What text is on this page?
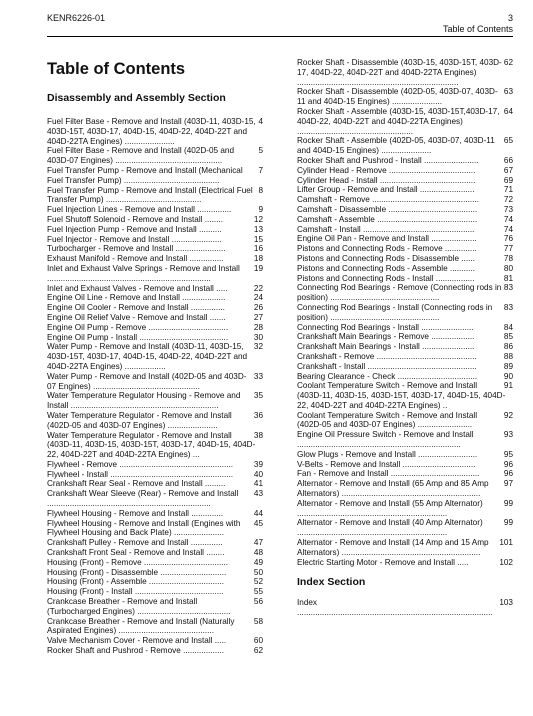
KENR6226-01	3
Table of Contents
Table of Contents
Disassembly and Assembly Section
4
Fuel Filter Base - Remove and Install (403D-11, 403D-15, 403D-15T, 403D-17, 404D-15, 404D-22, 404D-22T and 404D-22TA Engines) ......................
5
Fuel Filter Base - Remove and Install (402D-05 and 403D-07 Engines) ...............................................
7
Fuel Transfer Pump - Remove and Install (Mechanical Fuel Transfer Pump) ..........................................
8
Fuel Transfer Pump - Remove and Install (Electrical Fuel Transfer Pump) ..........................................
9
Fuel Injection Lines - Remove and Install ...............
12
Fuel Shutoff Solenoid - Remove and Install ........
13
Fuel Injection Pump - Remove and Install ..........
15
Fuel Injector - Remove and Install ......................
16
Turbocharger - Remove and Install ......................
18
Exhaust Manifold - Remove and Install ...............
19
Inlet and Exhaust Valve Springs - Remove and Install ........................................................................
22
Inlet and Exhaust Valves - Remove and Install .....
24
Engine Oil Line - Remove and Install ...................
26
Engine Oil Cooler - Remove and Install ...............
27
Engine Oil Relief Valve - Remove and Install .......
28
Engine Oil Pump - Remove ...................................
30
Engine Oil Pump - Install .......................................
32
Water Pump - Remove and Install (403D-11, 403D-15, 403D-15T, 403D-17, 404D-15, 404D-22, 404D-22T and 404D-22TA Engines) ..................
33
Water Pump - Remove and Install (402D-05 and 403D-07 Engines) ...............................................
35
Water Temperature Regulator Housing - Remove and Install .................................................................
36
Water Temperature Regulator - Remove and Install (402D-05 and 403D-07 Engines) ......................
38
Water Temperature Regulator - Remove and Install (403D-11, 403D-15, 403D-15T, 403D-17, 404D-15, 404D-22, 404D-22T and 404D-22TA Engines) ...
39
Flywheel - Remove ..................................................
40
Flywheel - Install ......................................................
41
Crankshaft Rear Seal - Remove and Install .........
43
Crankshaft Wear Sleeve (Rear) - Remove and Install ........................................................................
44
Flywheel Housing - Remove and Install ..............
45
Flywheel Housing - Remove and Install (Engines with Flywheel Housing and Back Plate) ......................
47
Crankshaft Pulley - Remove and Install ..............
48
Crankshaft Front Seal - Remove and Install ........
49
Housing (Front) - Remove .....................................
50
Housing (Front) - Disassemble .............................
52
Housing (Front) - Assemble .................................
55
Housing (Front) - Install .......................................
56
Crankcase Breather - Remove and Install (Turbocharged Engines) .........................................
58
Crankcase Breather - Remove and Install (Naturally Aspirated Engines) ..........................................
60
Valve Mechanism Cover - Remove and Install .....
62
Rocker Shaft and Pushrod - Remove ..................
62
Rocker Shaft - Disassemble (403D-15, 403D-15T, 403D-17, 404D-22, 404D-22T and 404D-22TA Engines) .......................................................................
63
Rocker Shaft - Disassemble (402D-05, 403D-07, 403D-11 and 404D-15 Engines) ......................
64
Rocker Shaft - Assemble (403D-15, 403D-15T,403D-17, 404D-22, 404D-22T and 404D-22TA Engines) ...................................................
65
Rocker Shaft - Assemble (402D-05, 403D-07, 403D-11 and 404D-15 Engines) ......................
66
Rocker Shaft and Pushrod - Install ........................
67
Cylinder Head - Remove ......................................
69
Cylinder Head - Install ..........................................
71
Lifter Group - Remove and Install ........................
72
Camshaft - Remove ...............................................
73
Camshaft - Disassemble .......................................
74
Camshaft - Assemble ............................................
74
Camshaft - Install .................................................
76
Engine Oil Pan - Remove and Install ....................
77
Pistons and Connecting Rods - Remove ..............
78
Pistons and Connecting Rods - Disassemble ......
80
Pistons and Connecting Rods - Assemble ...........
81
Pistons and Connecting Rods - Install .................
83
Connecting Rod Bearings - Remove (Connecting rods in position) ................................................
83
Connecting Rod Bearings - Install (Connecting rods in position) ................................................
84
Connecting Rod Bearings - Install .......................
85
Crankshaft Main Bearings - Remove ...................
86
Crankshaft Main Bearings - Install .......................
88
Crankshaft - Remove ............................................
89
Crankshaft - Install ................................................
90
Bearing Clearance - Check ...................................
91
Coolant Temperature Switch - Remove and Install (403D-11, 403D-15, 403D-15T, 403D-17, 404D-15, 404D-22, 404D-22T and 404D-22TA Engines) ..
92
Coolant Temperature Switch - Remove and Install (402D-05 and 403D-07 Engines) ........................
93
Engine Oil Pressure Switch - Remove and Install ........................................................................
95
Glow Plugs - Remove and Install ..........................
96
V-Belts - Remove and Install ................................
96
Fan - Remove and Install .......................................
97
Alternator - Remove and Install (65 Amp and 85 Amp Alternators) .............................................................
99
Alternator - Remove and Install (55 Amp Alternator) ..................................................................
99
Alternator - Remove and Install (40 Amp Alternator) ..................................................................
101
Alternator - Remove and Install (14 Amp and 15 Amp Alternators) .............................................................
102
Electric Starting Motor - Remove and Install .....
Index Section
103
Index ......................................................................................
